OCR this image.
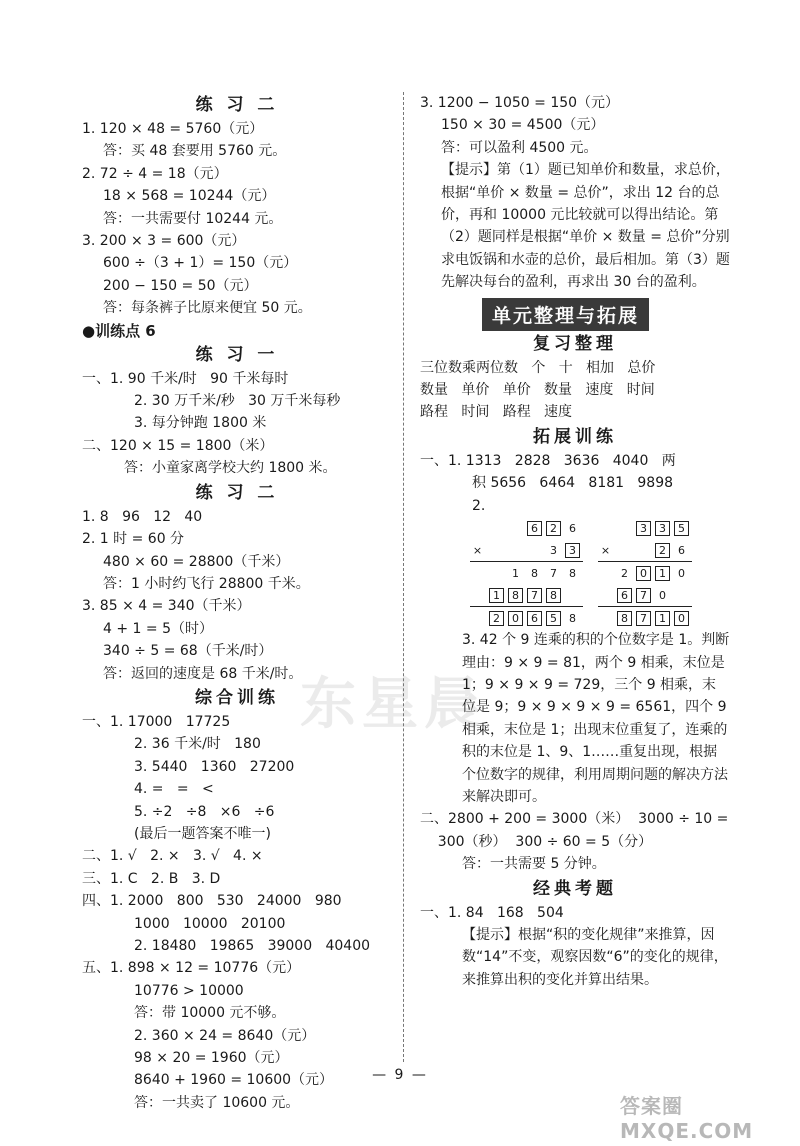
东星晨
练 习 二
1. 120 × 48 = 5760（元）
答：买 48 套要用 5760 元。
2. 72 ÷ 4 = 18（元）
18 × 568 = 10244（元）
答：一共需要付 10244 元。
3. 200 × 3 = 600（元）
600 ÷（3 + 1）= 150（元）
200 − 150 = 50（元）
答：每条裤子比原来便宜 50 元。
●训练点 6
练 习 一
一、1. 90 千米/时   90 千米每时
2. 30 万千米/秒   30 万千米每秒
3. 每分钟跑 1800 米
二、120 × 15 = 1800（米）
答：小童家离学校大约 1800 米。
练 习 二
1. 8   96   12   40
2. 1 时 = 60 分
480 × 60 = 28800（千米）
答：1 小时约飞行 28800 千米。
3. 85 × 4 = 340（千米）
4 + 1 = 5（时）
340 ÷ 5 = 68（千米/时）
答：返回的速度是 68 千米/时。
综合训练
一、1. 17000   17725
2. 36 千米/时   180
3. 5440   1360   27200
4. =   =   <
5. ÷2   ÷8   ×6   ÷6
(最后一题答案不唯一)
二、1. √   2. ×   3. √   4. ×
三、1. C   2. B   3. D
四、1. 2000   800   530   24000   980
1000   10000   20100
2. 18480   19865   39000   40400
五、1. 898 × 12 = 10776（元）
10776 > 10000
答：带 10000 元不够。
2. 360 × 24 = 8640（元）
98 × 20 = 1960（元）
8640 + 1960 = 10600（元）
答：一共卖了 10600 元。
3. 1200 − 1050 = 150（元）
150 × 30 = 4500（元）
答：可以盈利 4500 元。
【提示】第（1）题已知单价和数量，求总价，根据“单价 × 数量 = 总价”，求出 12 台的总价，再和 10000 元比较就可以得出结论。第（2）题同样是根据“单价 × 数量 = 总价”分别求电饭锅和水壶的总价，最后相加。第（3）题先解决每台的盈利，再求出 30 台的盈利。
单元整理与拓展
复习整理
三位数乘两位数   个   十   相加   总价
数量   单价   单价   数量   速度   时间
路程   时间   路程   速度
拓展训练
一、1. 1313   2828   3636   4040   两
积 5656   6464   8181   9898
2.
6	2	6
×	3	3
1	8	7	8
1	8	7	8
2	0	6	5	8
3	3	5
×	2	6
2	0	1	0
6	7	0
8	7	1	0
3. 42 个 9 连乘的积的个位数字是 1。判断理由：9 × 9 = 81，两个 9 相乘，末位是 1；9 × 9 × 9 = 729，三个 9 相乘，末位是 9；9 × 9 × 9 × 9 = 6561，四个 9 相乘，末位是 1；出现末位重复了，连乘的积的末位是 1、9、1……重复出现，根据个位数字的规律，利用周期问题的解决方法来解决即可。
二、2800 + 200 = 3000（米）  3000 ÷ 10 =
300（秒）  300 ÷ 60 = 5（分）
答：一共需要 5 分钟。
经典考题
一、1. 84   168   504
【提示】根据“积的变化规律”来推算，因数“14”不变，观察因数“6”的变化的规律，来推算出积的变化并算出结果。
— 9 —
答案圈 MXQE.COM
